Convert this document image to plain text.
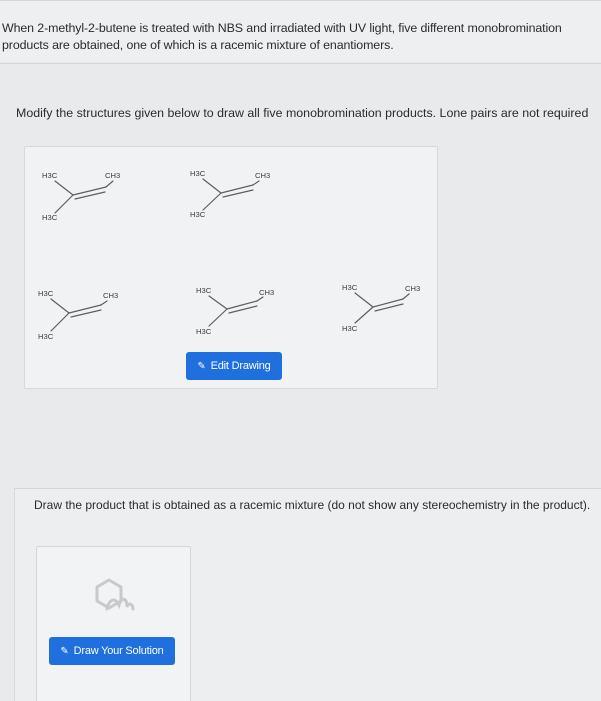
When 2-methyl-2-butene is treated with NBS and irradiated with UV light, five different monobromination
products are obtained, one of which is a racemic mixture of enantiomers.

Modify the structures given below to draw all five monobromination products. Lone pairs are not required
H3C	CH3
H3C
H3C	CH3
H3C
H3C	CH3
H3C
H3C	CH3
H3C
H3C	CH3
H3C
✎ Edit Drawing
Draw the product that is obtained as a racemic mixture (do not show any stereochemistry in the product).
✎ Draw Your Solution
